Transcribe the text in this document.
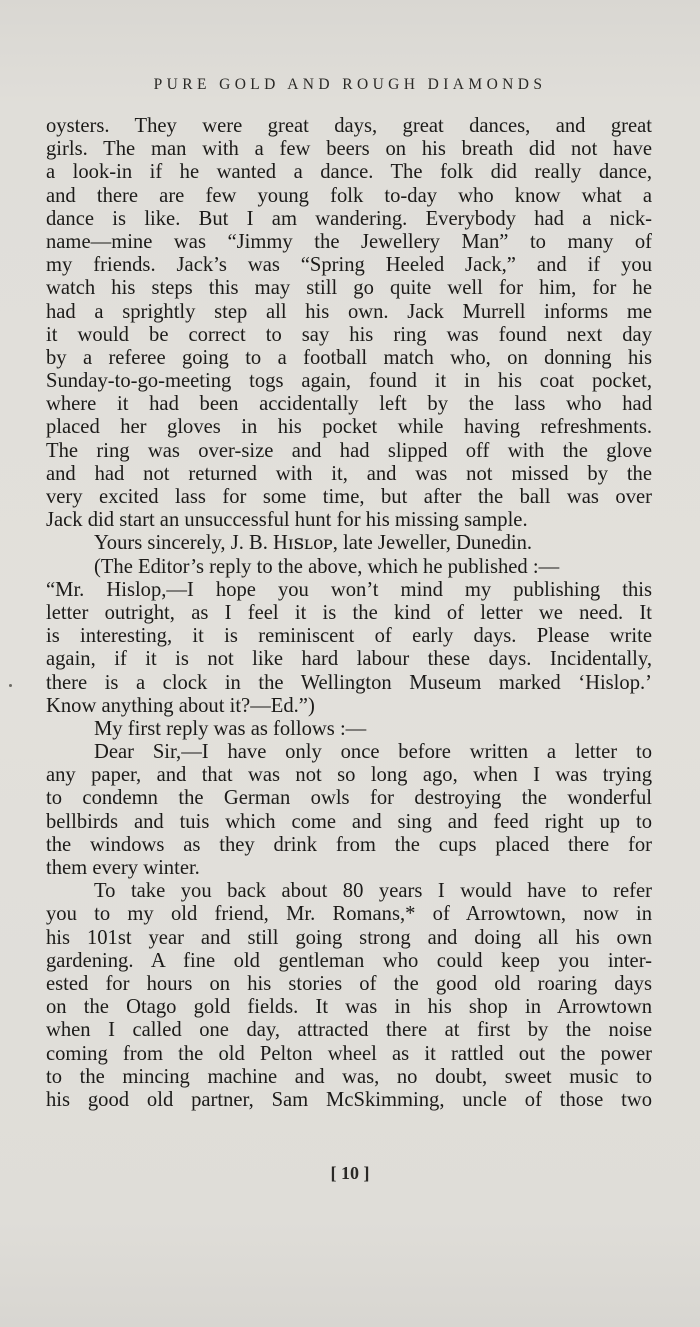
PURE GOLD AND ROUGH DIAMONDS
oysters. They were great days, great dances, and great
girls. The man with a few beers on his breath did not have
a look-in if he wanted a dance. The folk did really dance,
and there are few young folk to-day who know what a
dance is like. But I am wandering. Everybody had a nick-
name—mine was “Jimmy the Jewellery Man” to many of
my friends. Jack’s was “Spring Heeled Jack,” and if you
watch his steps this may still go quite well for him, for he
had a sprightly step all his own. Jack Murrell informs me
it would be correct to say his ring was found next day
by a referee going to a football match who, on donning his
Sunday-to-go-meeting togs again, found it in his coat pocket,
where it had been accidentally left by the lass who had
placed her gloves in his pocket while having refreshments.
The ring was over-size and had slipped off with the glove
and had not returned with it, and was not missed by the
very excited lass for some time, but after the ball was over
Jack did start an unsuccessful hunt for his missing sample.
Yours sincerely, J. B. Hɪꜱʟᴏᴘ, late Jeweller, Dunedin.
(The Editor’s reply to the above, which he published :—
“Mr. Hislop,—I hope you won’t mind my publishing this
letter outright, as I feel it is the kind of letter we need. It
is interesting, it is reminiscent of early days. Please write
again, if it is not like hard labour these days. Incidentally,
there is a clock in the Wellington Museum marked ‘Hislop.’
Know anything about it?—Ed.”)
My first reply was as follows :—
Dear Sir,—I have only once before written a letter to
any paper, and that was not so long ago, when I was trying
to condemn the German owls for destroying the wonderful
bellbirds and tuis which come and sing and feed right up to
the windows as they drink from the cups placed there for
them every winter.
To take you back about 80 years I would have to refer
you to my old friend, Mr. Romans,* of Arrowtown, now in
his 101st year and still going strong and doing all his own
gardening. A fine old gentleman who could keep you inter-
ested for hours on his stories of the good old roaring days
on the Otago gold fields. It was in his shop in Arrowtown
when I called one day, attracted there at first by the noise
coming from the old Pelton wheel as it rattled out the power
to the mincing machine and was, no doubt, sweet music to
his good old partner, Sam McSkimming, uncle of those two
[ 10 ]
